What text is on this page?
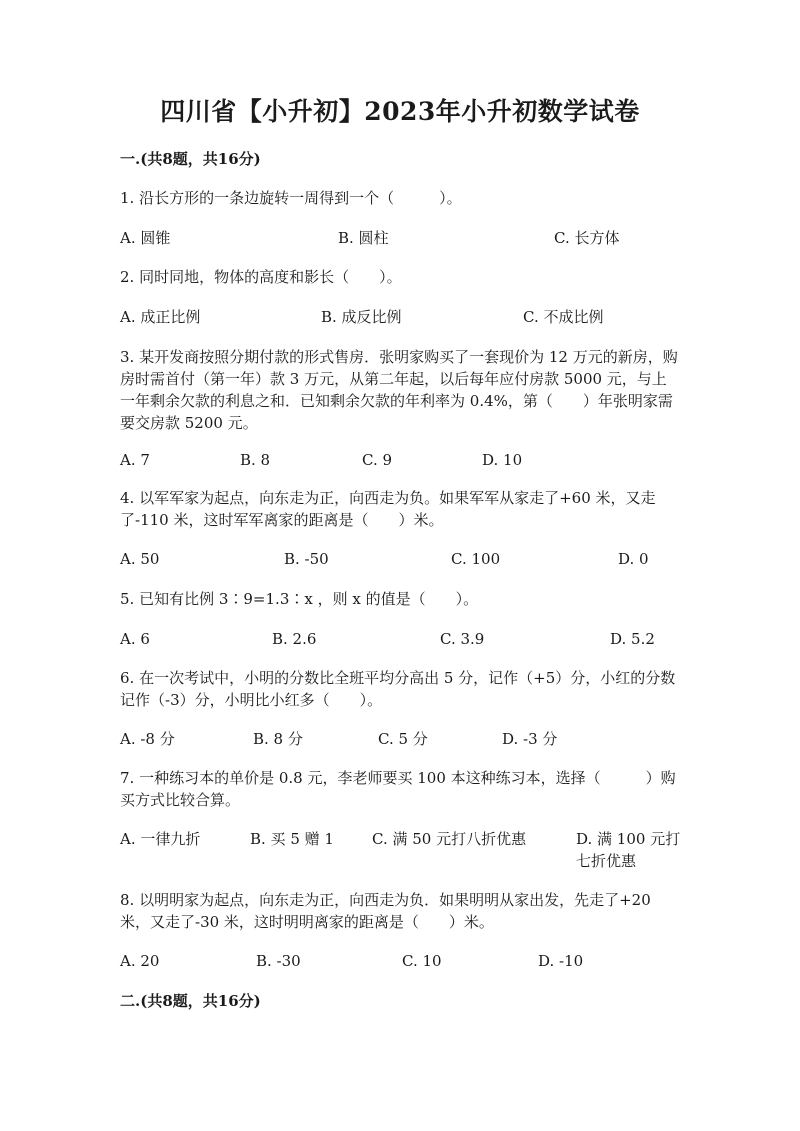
四川省【小升初】2023年小升初数学试卷
一.(共8题，共16分)
1. 沿长方形的一条边旋转一周得到一个（　　　）。
A. 圆锥	B. 圆柱	C. 长方体
2. 同时同地，物体的高度和影长（　　）。
A. 成正比例	B. 成反比例	C. 不成比例
3. 某开发商按照分期付款的形式售房．张明家购买了一套现价为 12 万元的新房，购房时需首付（第一年）款 3 万元，从第二年起，以后每年应付房款 5000 元，与上一年剩余欠款的利息之和．已知剩余欠款的年利率为 0.4%，第（　　）年张明家需要交房款 5200 元。
A. 7	B. 8	C. 9	D. 10
4. 以军军家为起点，向东走为正，向西走为负。如果军军从家走了+60 米，又走了-110 米，这时军军离家的距离是（　　）米。
A. 50	B. -50	C. 100	D. 0
5. 已知有比例 3∶9=1.3∶x ，则 x 的值是（　　）。
A. 6	B. 2.6	C. 3.9	D. 5.2
6. 在一次考试中，小明的分数比全班平均分高出 5 分，记作（+5）分，小红的分数记作（-3）分，小明比小红多（　　）。
A. -8 分	B. 8 分	C. 5 分	D. -3 分
7. 一种练习本的单价是 0.8 元，李老师要买 100 本这种练习本，选择（　　　）购买方式比较合算。
A. 一律九折	B. 买 5 赠 1	C. 满 50 元打八折优惠	D. 满 100 元打七折优惠
8. 以明明家为起点，向东走为正，向西走为负．如果明明从家出发，先走了+20 米，又走了-30 米，这时明明离家的距离是（　　）米。
A. 20	B. -30	C. 10	D. -10
二.(共8题，共16分)
